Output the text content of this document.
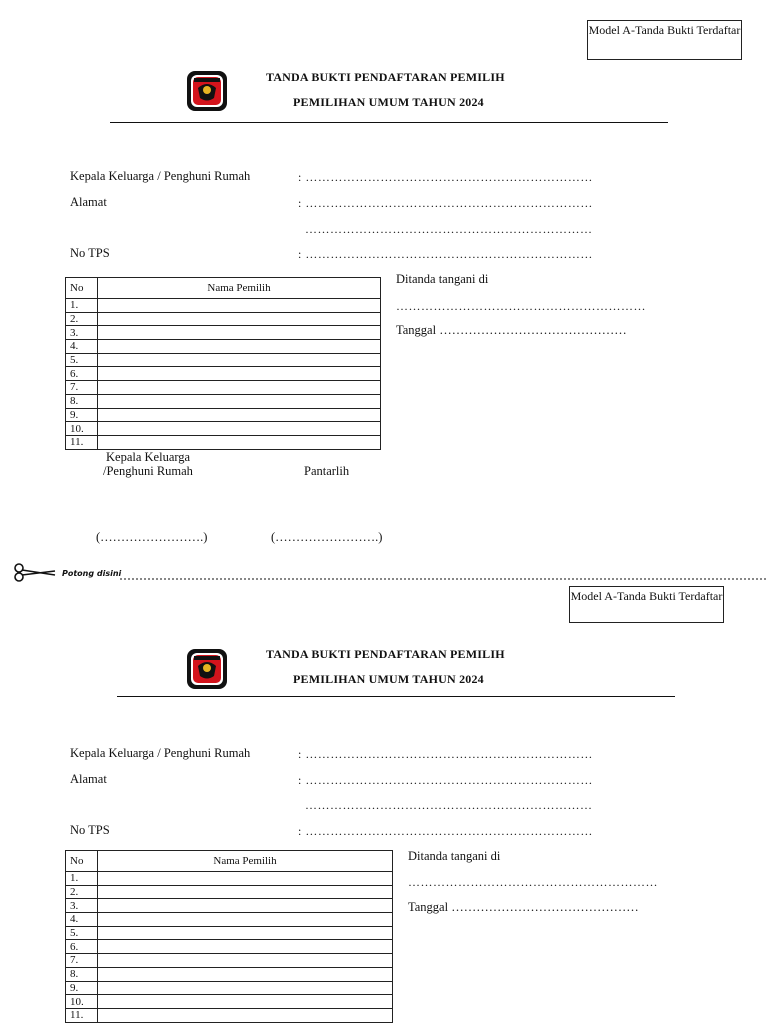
Model A-Tanda Bukti Terdaftar
TANDA BUKTI PENDAFTARAN PEMILIH
PEMILIHAN UMUM TAHUN 2024
Kepala Keluarga / Penghuni Rumah	: ……………………………………………………………
Alamat	: ……………………………………………………………
……………………………………………………………
No TPS	: ……………………………………………………………
No	Nama Pemilih
1.	
2.	
3.	
4.	
5.	
6.	
7.	
8.	
9.	
10.	
11.	
Ditanda tangani di
……………………………………………………
Tanggal ………………………………………
Kepala Keluarga
/Penghuni Rumah	Pantarlih
(…………………….)	(…………………….)
Potong disini
Model A-Tanda Bukti Terdaftar
TANDA BUKTI PENDAFTARAN PEMILIH
PEMILIHAN UMUM TAHUN 2024
Kepala Keluarga / Penghuni Rumah	: ……………………………………………………………
Alamat	: ……………………………………………………………
……………………………………………………………
No TPS	: ……………………………………………………………
No	Nama Pemilih
1.	
2.	
3.	
4.	
5.	
6.	
7.	
8.	
9.	
10.	
11.	
Ditanda tangani di
……………………………………………………
Tanggal ………………………………………
